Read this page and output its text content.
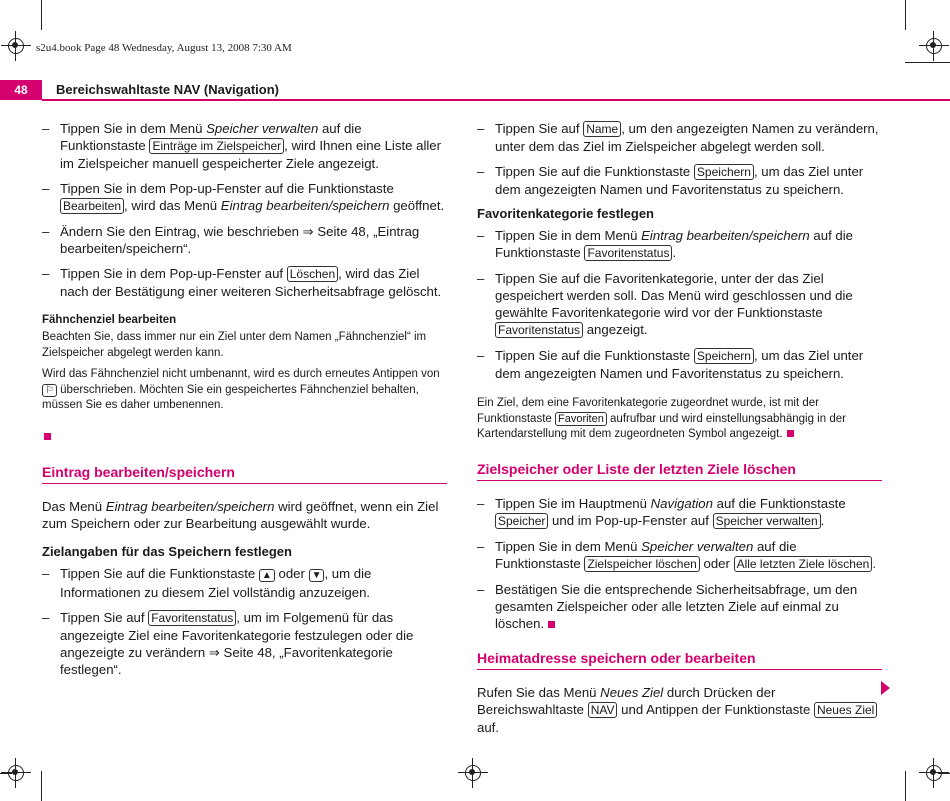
s2u4.book Page 48 Wednesday, August 13, 2008 7:30 AM
48	Bereichswahltaste NAV (Navigation)
– Tippen Sie in dem Menü Speicher verwalten auf die Funktionstaste Einträge im Zielspeicher , wird Ihnen eine Liste aller im Zielspeicher manuell gespeicherter Ziele angezeigt.
– Tippen Sie in dem Pop-up-Fenster auf die Funktionstaste Bearbeiten , wird das Menü Eintrag bearbeiten/speichern geöffnet.
– Ändern Sie den Eintrag, wie beschrieben ⇒ Seite 48, „Eintrag bearbeiten/speichern“.
– Tippen Sie in dem Pop-up-Fenster auf Löschen , wird das Ziel nach der Bestätigung einer weiteren Sicherheitsabfrage gelöscht.
Fähnchenziel bearbeiten
Beachten Sie, dass immer nur ein Ziel unter dem Namen „Fähnchenziel“ im Zielspeicher abgelegt werden kann.
Wird das Fähnchenziel nicht umbenannt, wird es durch erneutes Antippen von ⚐ überschrieben. Möchten Sie ein gespeichertes Fähnchenziel behalten, müssen Sie es daher umbenennen.
Eintrag bearbeiten/speichern
Das Menü Eintrag bearbeiten/speichern wird geöffnet, wenn ein Ziel zum Speichern oder zur Bearbeitung ausgewählt wurde.
Zielangaben für das Speichern festlegen
– Tippen Sie auf die Funktionstaste ▲ oder ▼ , um die Informationen zu diesem Ziel vollständig anzuzeigen.
– Tippen Sie auf Favoritenstatus , um im Folgemenü für das angezeigte Ziel eine Favoritenkategorie festzulegen oder die angezeigte zu verändern ⇒ Seite 48, „Favoritenkategorie festlegen“.
– Tippen Sie auf Name , um den angezeigten Namen zu verändern, unter dem das Ziel im Zielspeicher abgelegt werden soll.
– Tippen Sie auf die Funktionstaste Speichern , um das Ziel unter dem angezeigten Namen und Favoritenstatus zu speichern.
Favoritenkategorie festlegen
– Tippen Sie in dem Menü Eintrag bearbeiten/speichern auf die Funktionstaste Favoritenstatus .
– Tippen Sie auf die Favoritenkategorie, unter der das Ziel gespeichert werden soll. Das Menü wird geschlossen und die gewählte Favoritenkategorie wird vor der Funktionstaste Favoritenstatus angezeigt.
– Tippen Sie auf die Funktionstaste Speichern , um das Ziel unter dem angezeigten Namen und Favoritenstatus zu speichern.
Ein Ziel, dem eine Favoritenkategorie zugeordnet wurde, ist mit der Funktionstaste Favoriten aufrufbar und wird einstellungsabhängig in der Kartendarstellung mit dem zugeordneten Symbol angezeigt.
Zielspeicher oder Liste der letzten Ziele löschen
– Tippen Sie im Hauptmenü Navigation auf die Funktionstaste Speicher und im Pop-up-Fenster auf Speicher verwalten .
– Tippen Sie in dem Menü Speicher verwalten auf die Funktionstaste Zielspeicher löschen oder Alle letzten Ziele löschen .
– Bestätigen Sie die entsprechende Sicherheitsabfrage, um den gesamten Zielspeicher oder alle letzten Ziele auf einmal zu löschen.
Heimatadresse speichern oder bearbeiten
Rufen Sie das Menü Neues Ziel durch Drücken der Bereichswahltaste NAV und Antippen der Funktionstaste Neues Ziel auf.
